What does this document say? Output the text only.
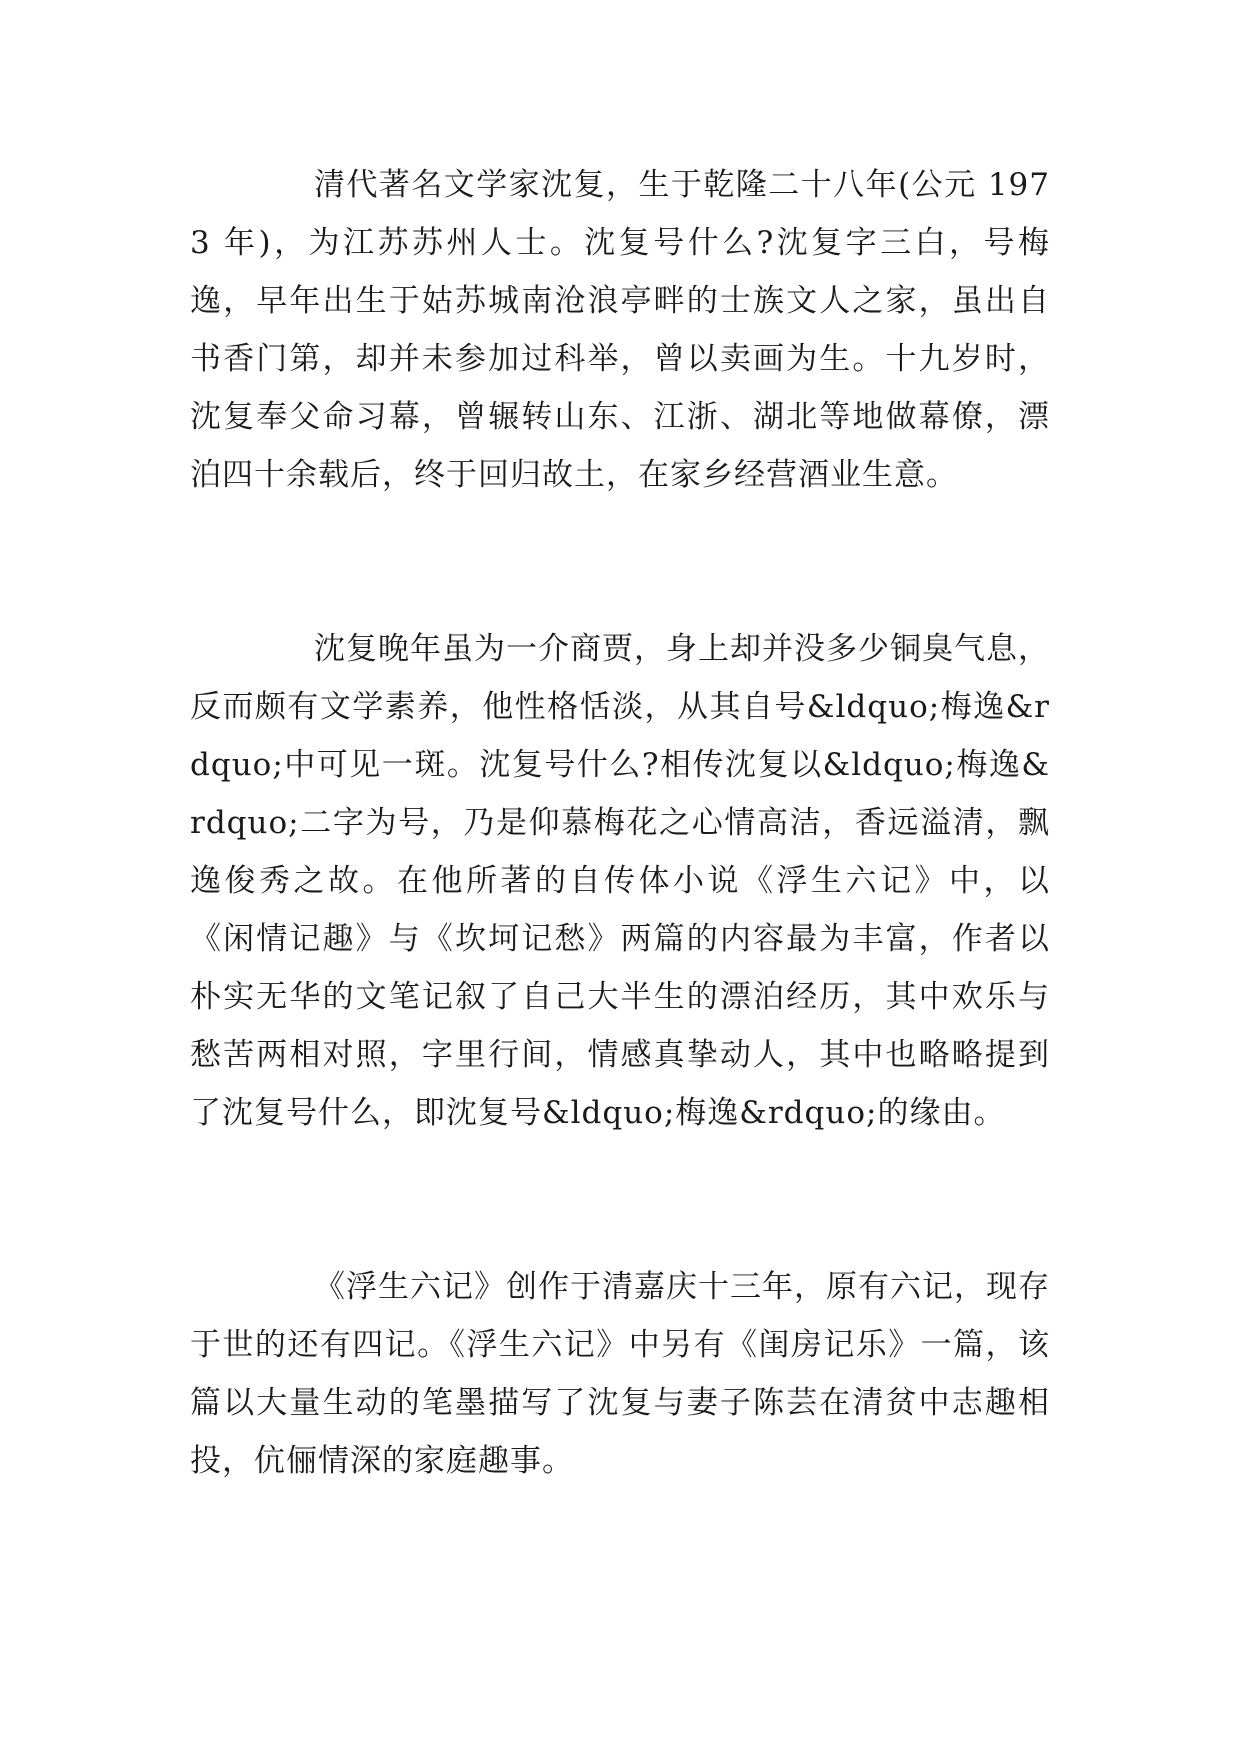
清代著名文学家沈复，生于乾隆二十八年(公元 1973 年)，为江苏苏州人士。沈复号什么?沈复字三白，号梅逸，早年出生于姑苏城南沧浪亭畔的士族文人之家，虽出自书香门第，却并未参加过科举，曾以卖画为生。十九岁时，沈复奉父命习幕，曾辗转山东、江浙、湖北等地做幕僚，漂泊四十余载后，终于回归故土，在家乡经营酒业生意。

沈复晚年虽为一介商贾，身上却并没多少铜臭气息，反而颇有文学素养，他性格恬淡，从其自号&ldquo;梅逸&rdquo;中可见一斑。沈复号什么?相传沈复以&ldquo;梅逸&rdquo;二字为号，乃是仰慕梅花之心情高洁，香远溢清，飘逸俊秀之故。在他所著的自传体小说《浮生六记》中，以《闲情记趣》与《坎坷记愁》两篇的内容最为丰富，作者以朴实无华的文笔记叙了自己大半生的漂泊经历，其中欢乐与愁苦两相对照，字里行间，情感真挚动人，其中也略略提到了沈复号什么，即沈复号&ldquo;梅逸&rdquo;的缘由。

《浮生六记》创作于清嘉庆十三年，原有六记，现存于世的还有四记。《浮生六记》中另有《闺房记乐》一篇，该篇以大量生动的笔墨描写了沈复与妻子陈芸在清贫中志趣相投，伉俪情深的家庭趣事。
